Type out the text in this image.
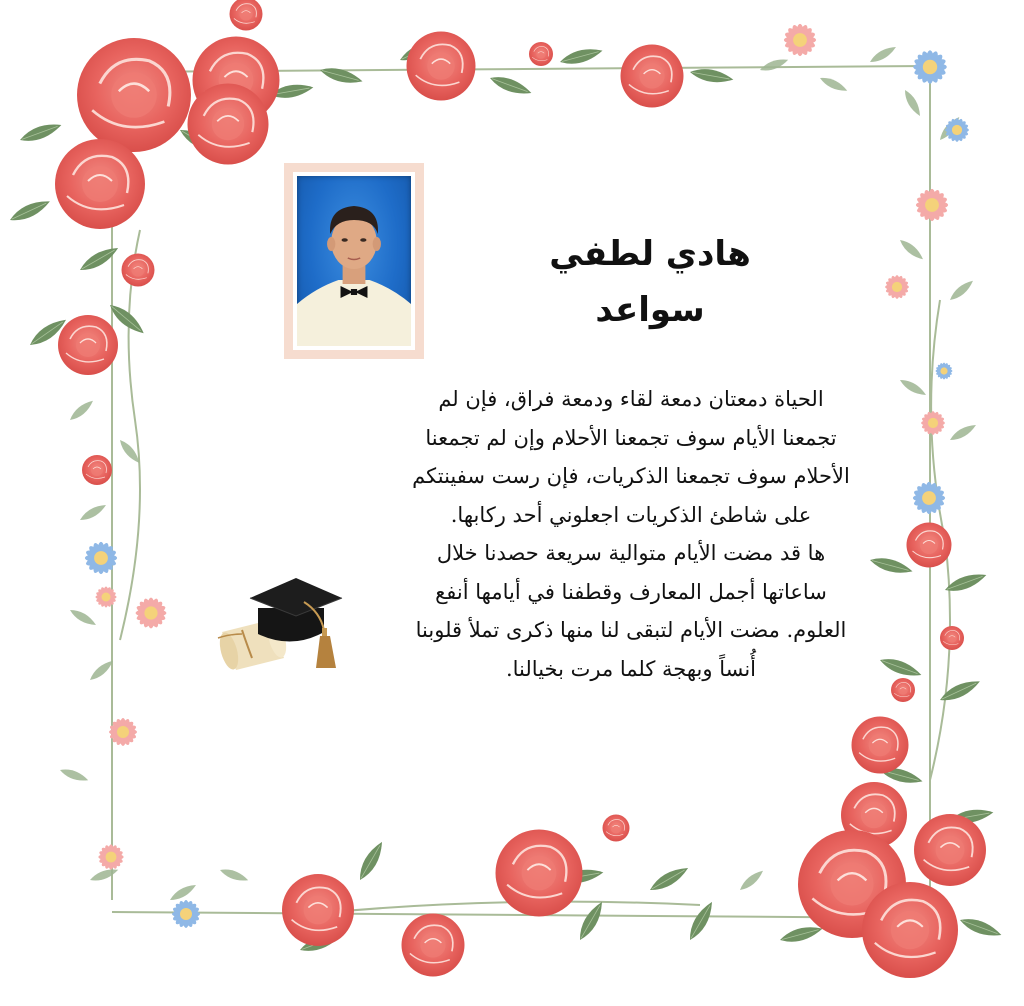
هادي لطفي سواعد

الحياة دمعتان دمعة لقاء ودمعة فراق، فإن لم تجمعنا الأيام سوف تجمعنا الأحلام وإن لم تجمعنا الأحلام سوف تجمعنا الذكريات، فإن رست سفينتكم على شاطئ الذكريات اجعلوني أحد ركابها.

ها قد مضت الأيام متوالية سريعة حصدنا خلال ساعاتها أجمل المعارف وقطفنا في أيامها أنفع العلوم. مضت الأيام لتبقى لنا منها ذكرى تملأ قلوبنا أُنساً وبهجة كلما مرت بخيالنا.
